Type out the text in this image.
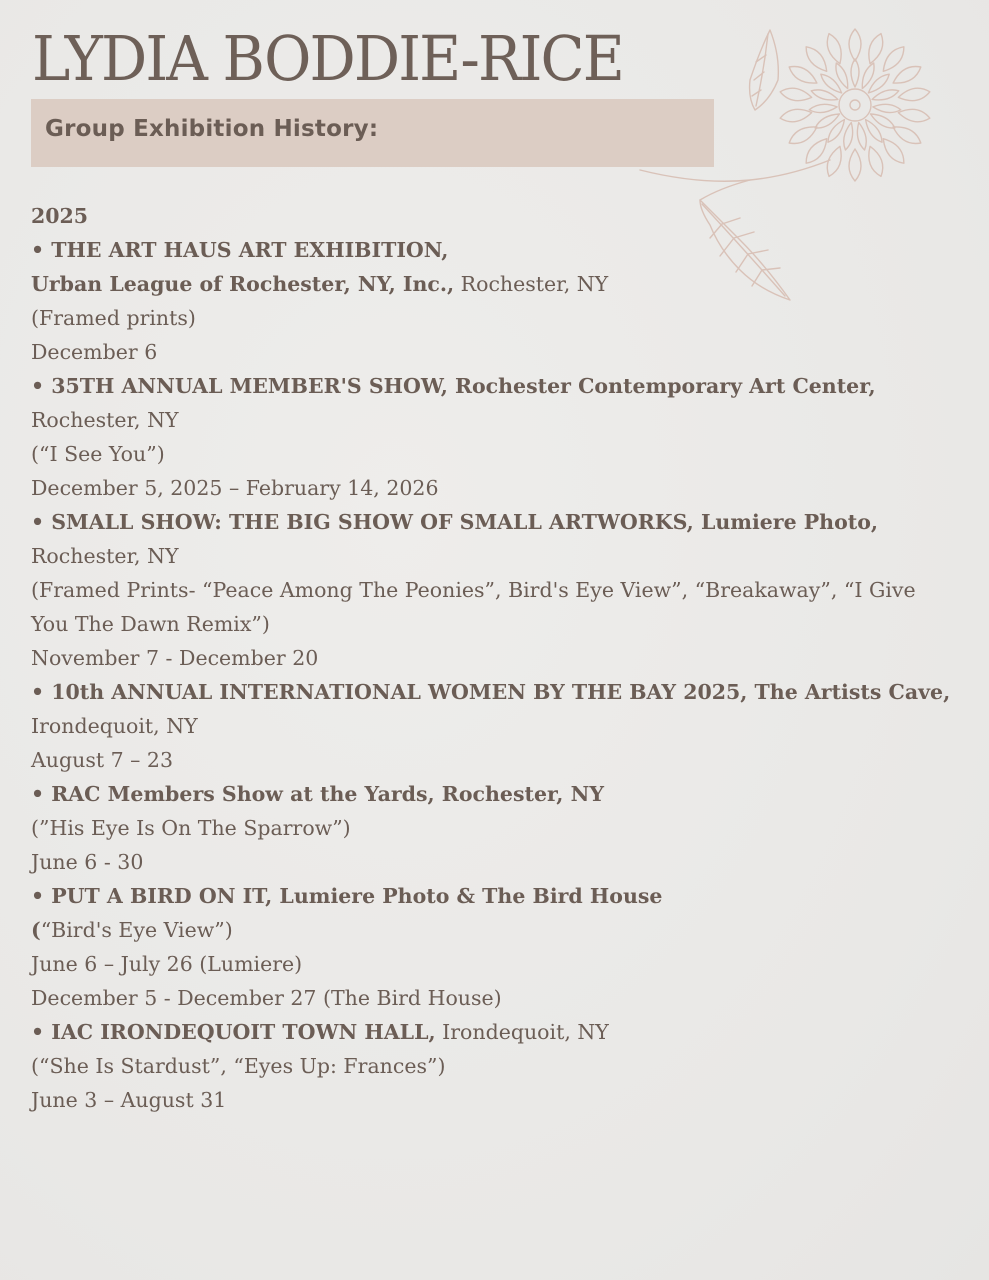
LYDIA BODDIE-RICE
Group Exhibition History:
2025
• THE ART HAUS ART EXHIBITION,
Urban League of Rochester, NY, Inc., Rochester, NY
(Framed prints)
December 6
• 35TH ANNUAL MEMBER'S SHOW, Rochester Contemporary Art Center,
Rochester, NY
(“I See You”)
December 5, 2025 – February 14, 2026
• SMALL SHOW: THE BIG SHOW OF SMALL ARTWORKS, Lumiere Photo,
Rochester, NY
(Framed Prints- “Peace Among The Peonies”, Bird's Eye View”, “Breakaway”, “I Give
You The Dawn Remix”)
November 7 - December 20
• 10th ANNUAL INTERNATIONAL WOMEN BY THE BAY 2025, The Artists Cave,
Irondequoit, NY
August 7 – 23
• RAC Members Show at the Yards, Rochester, NY
(”His Eye Is On The Sparrow”)
June 6 - 30
• PUT A BIRD ON IT, Lumiere Photo & The Bird House
(“Bird's Eye View”)
June 6 – July 26 (Lumiere)
December 5 - December 27 (The Bird House)
• IAC IRONDEQUOIT TOWN HALL, Irondequoit, NY
(“She Is Stardust”, “Eyes Up: Frances”)
June 3 – August 31
